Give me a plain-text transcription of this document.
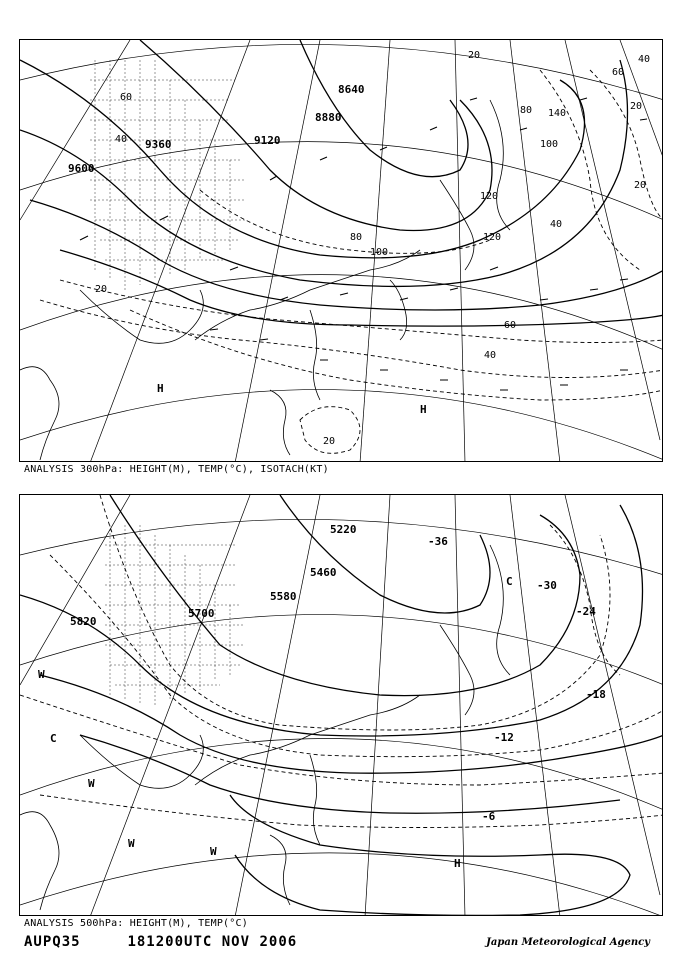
9600
9360	9120
8880
8640
20
40
60
80
100
120
40
20
60
80
100
120
140
60
40
20
20
20	40
H
H
ANALYSIS 300hPa: HEIGHT(M), TEMP(°C), ISOTACH(KT)
5820
5700
5580
5460
5220
-36
-30
-24
-18
-12
-6
W
C
W
W
C
W
H
ANALYSIS 500hPa: HEIGHT(M), TEMP(°C)
AUPQ35	181200UTC NOV 2006	Japan Meteorological Agency
